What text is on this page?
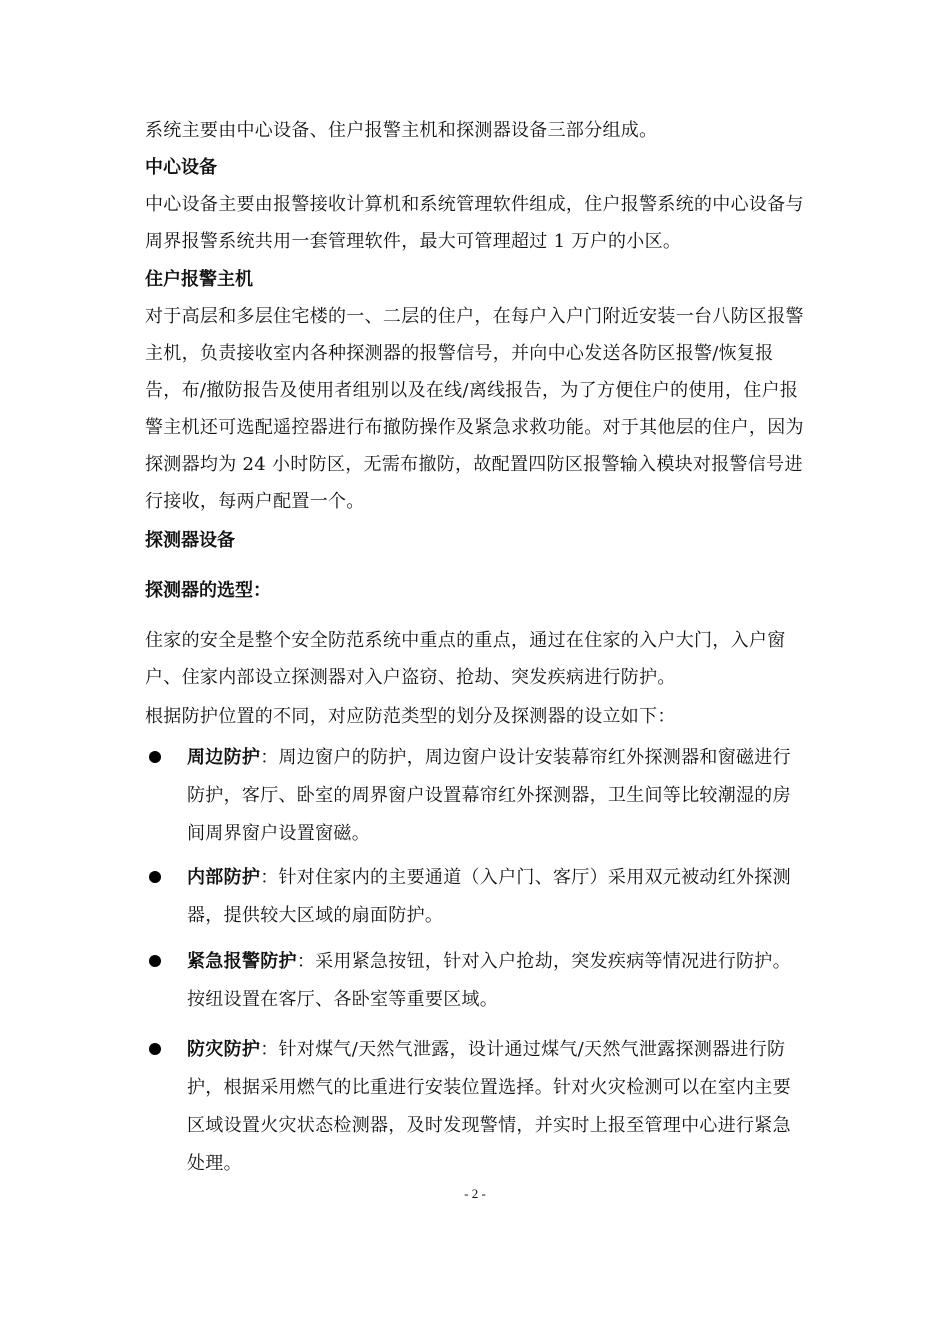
系统主要由中心设备、住户报警主机和探测器设备三部分组成。

中心设备

中心设备主要由报警接收计算机和系统管理软件组成，住户报警系统的中心设备与周界报警系统共用一套管理软件，最大可管理超过 1 万户的小区。

住户报警主机

对于高层和多层住宅楼的一、二层的住户，在每户入户门附近安装一台八防区报警主机，负责接收室内各种探测器的报警信号，并向中心发送各防区报警/恢复报告，布/撤防报告及使用者组别以及在线/离线报告，为了方便住户的使用，住户报警主机还可选配遥控器进行布撤防操作及紧急求救功能。对于其他层的住户，因为探测器均为 24 小时防区，无需布撤防，故配置四防区报警输入模块对报警信号进行接收，每两户配置一个。

探测器设备
探测器的选型：

住家的安全是整个安全防范系统中重点的重点，通过在住家的入户大门，入户窗户、住家内部设立探测器对入户盗窃、抢劫、突发疾病进行防护。

根据防护位置的不同，对应防范类型的划分及探测器的设立如下：

周边防护：周边窗户的防护，周边窗户设计安装幕帘红外探测器和窗磁进行防护，客厅、卧室的周界窗户设置幕帘红外探测器，卫生间等比较潮湿的房间周界窗户设置窗磁。

内部防护：针对住家内的主要通道（入户门、客厅）采用双元被动红外探测器，提供较大区域的扇面防护。

紧急报警防护：采用紧急按钮，针对入户抢劫，突发疾病等情况进行防护。按纽设置在客厅、各卧室等重要区域。

防灾防护：针对煤气/天然气泄露，设计通过煤气/天然气泄露探测器进行防护，根据采用燃气的比重进行安装位置选择。针对火灾检测可以在室内主要区域设置火灾状态检测器，及时发现警情，并实时上报至管理中心进行紧急处理。

- 2 -
